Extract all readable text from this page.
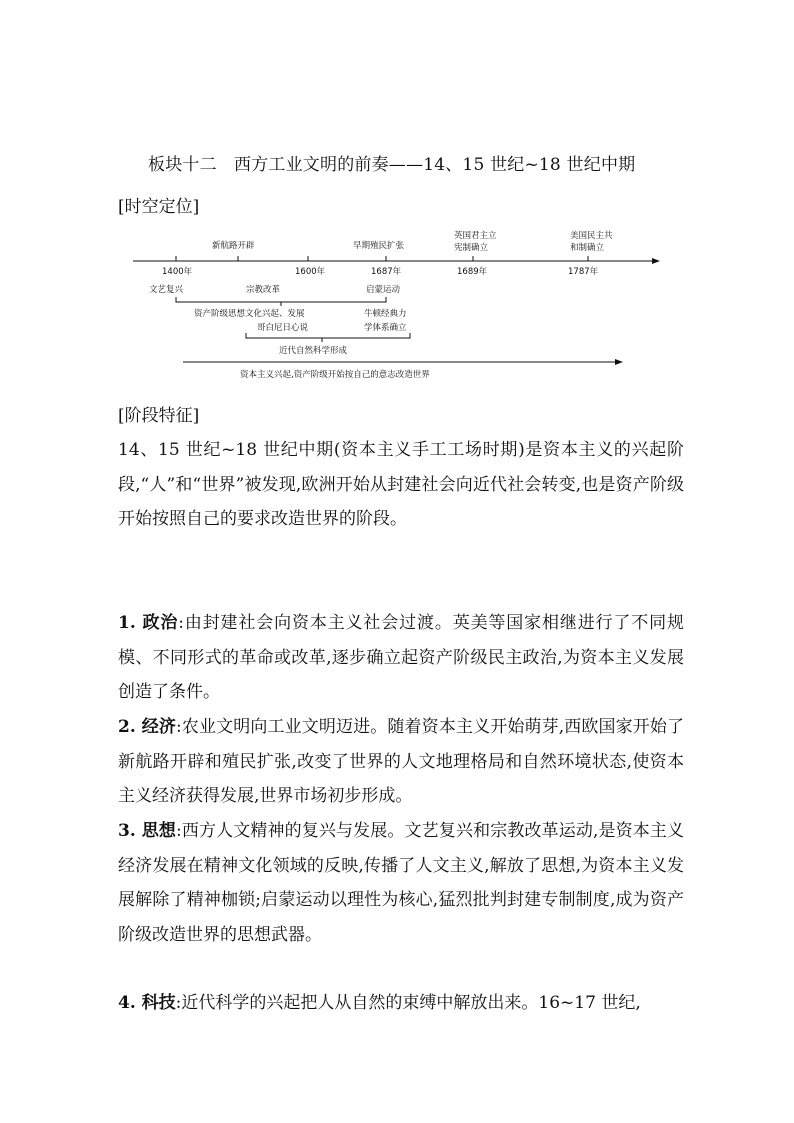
板块十二　西方工业文明的前奏——14、15 世纪~18 世纪中期
[时空定位]
新航路开辟	早期殖民扩张
英国君主立
宪制确立
美国民主共
和制确立
1400年	1600年	1687年	1689年	1787年
文艺复兴	宗教改革	启蒙运动
资产阶级思想文化兴起、发展
哥白尼日心说
牛顿经典力
学体系确立
近代自然科学形成
资本主义兴起,资产阶级开始按自己的意志改造世界
[阶段特征]

14、15 世纪~18 世纪中期(资本主义手工工场时期)是资本主义的兴起阶段,“人”和“世界”被发现,欧洲开始从封建社会向近代社会转变,也是资产阶级开始按照自己的要求改造世界的阶段。

1. 政治:由封建社会向资本主义社会过渡。英美等国家相继进行了不同规模、不同形式的革命或改革,逐步确立起资产阶级民主政治,为资本主义发展创造了条件。

2. 经济:农业文明向工业文明迈进。随着资本主义开始萌芽,西欧国家开始了新航路开辟和殖民扩张,改变了世界的人文地理格局和自然环境状态,使资本主义经济获得发展,世界市场初步形成。

3. 思想:西方人文精神的复兴与发展。文艺复兴和宗教改革运动,是资本主义经济发展在精神文化领域的反映,传播了人文主义,解放了思想,为资本主义发展解除了精神枷锁;启蒙运动以理性为核心,猛烈批判封建专制制度,成为资产阶级改造世界的思想武器。

4. 科技:近代科学的兴起把人从自然的束缚中解放出来。16~17 世纪,
